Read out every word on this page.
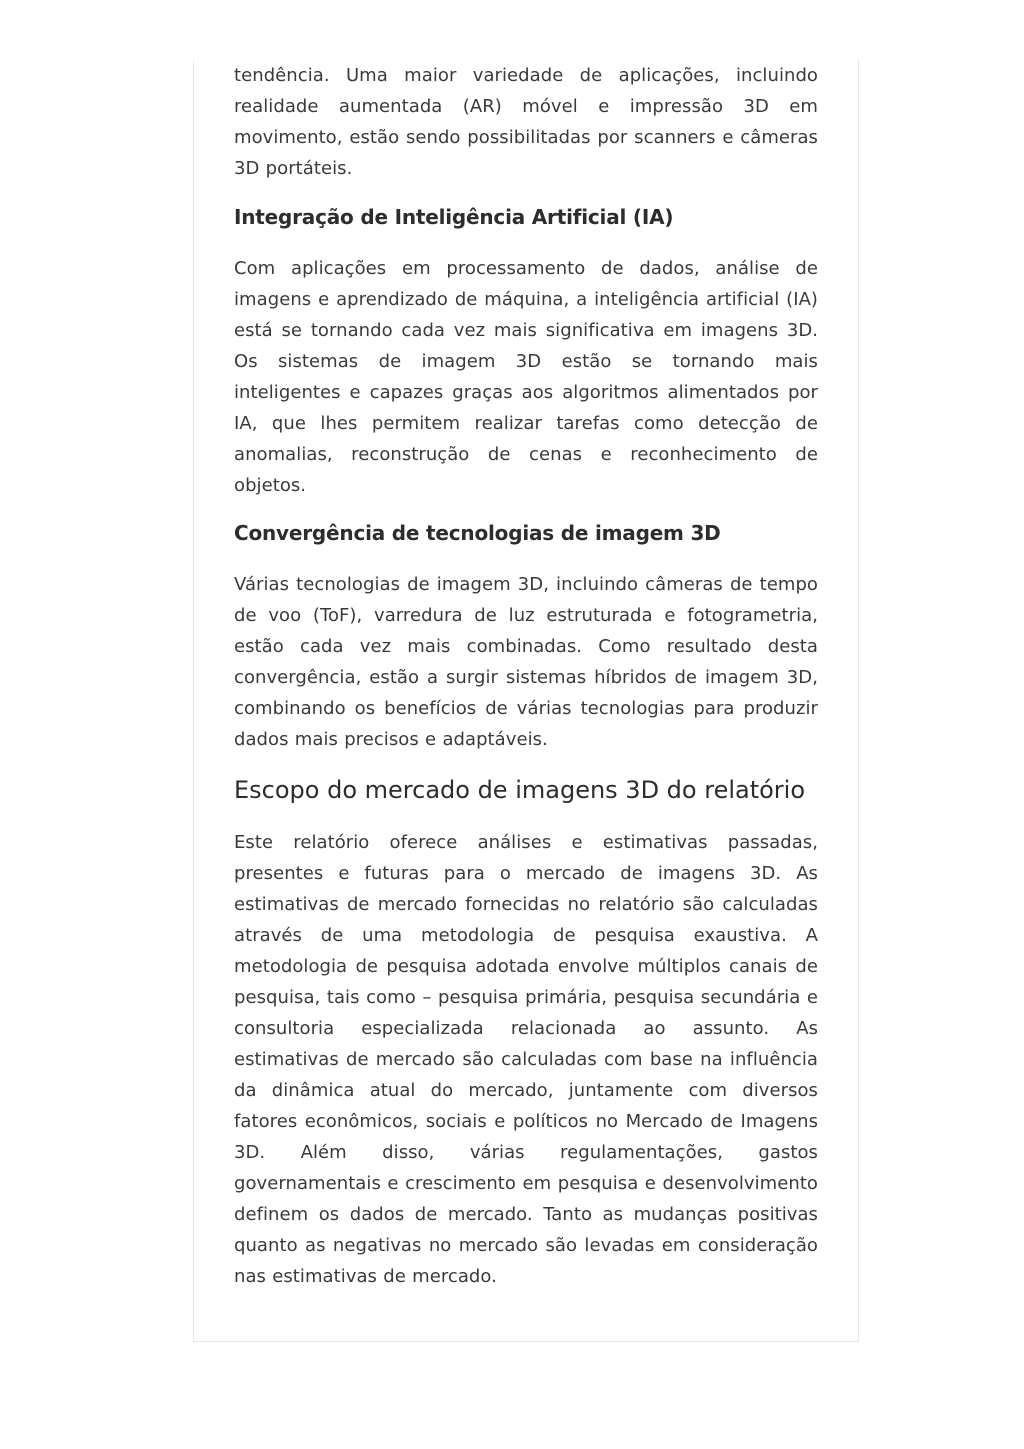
tendência. Uma maior variedade de aplicações, incluindo realidade aumentada (AR) móvel e impressão 3D em movimento, estão sendo possibilitadas por scanners e câmeras 3D portáteis.

Integração de Inteligência Artificial (IA)

Com aplicações em processamento de dados, análise de imagens e aprendizado de máquina, a inteligência artificial (IA) está se tornando cada vez mais significativa em imagens 3D. Os sistemas de imagem 3D estão se tornando mais inteligentes e capazes graças aos algoritmos alimentados por IA, que lhes permitem realizar tarefas como detecção de anomalias, reconstrução de cenas e reconhecimento de objetos.

Convergência de tecnologias de imagem 3D

Várias tecnologias de imagem 3D, incluindo câmeras de tempo de voo (ToF), varredura de luz estruturada e fotogrametria, estão cada vez mais combinadas. Como resultado desta convergência, estão a surgir sistemas híbridos de imagem 3D, combinando os benefícios de várias tecnologias para produzir dados mais precisos e adaptáveis.

Escopo do mercado de imagens 3D do relatório

Este relatório oferece análises e estimativas passadas, presentes e futuras para o mercado de imagens 3D. As estimativas de mercado fornecidas no relatório são calculadas através de uma metodologia de pesquisa exaustiva. A metodologia de pesquisa adotada envolve múltiplos canais de pesquisa, tais como – pesquisa primária, pesquisa secundária e consultoria especializada relacionada ao assunto. As estimativas de mercado são calculadas com base na influência da dinâmica atual do mercado, juntamente com diversos fatores econômicos, sociais e políticos no Mercado de Imagens 3D. Além disso, várias regulamentações, gastos governamentais e crescimento em pesquisa e desenvolvimento definem os dados de mercado. Tanto as mudanças positivas quanto as negativas no mercado são levadas em consideração nas estimativas de mercado.
